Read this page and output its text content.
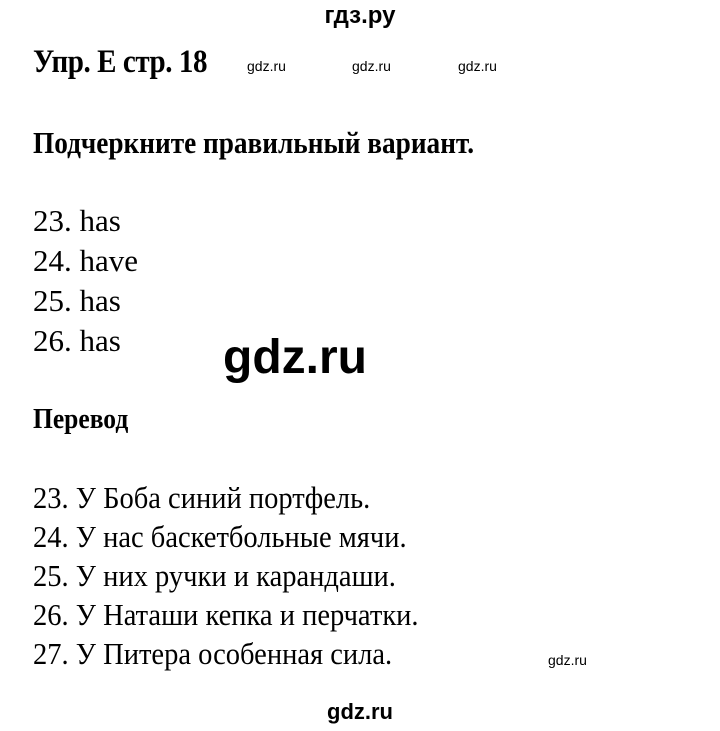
гдз.ру
Упр. Е стр. 18	gdz.ru	gdz.ru	gdz.ru
Подчеркните правильный вариант.
23. has
24. have
25. has
26. has	gdz.ru
Перевод
23. У Боба синий портфель.
24. У нас баскетбольные мячи.
25. У них ручки и карандаши.
26. У Наташи кепка и перчатки.
27. У Питера особенная сила.	gdz.ru
gdz.ru
